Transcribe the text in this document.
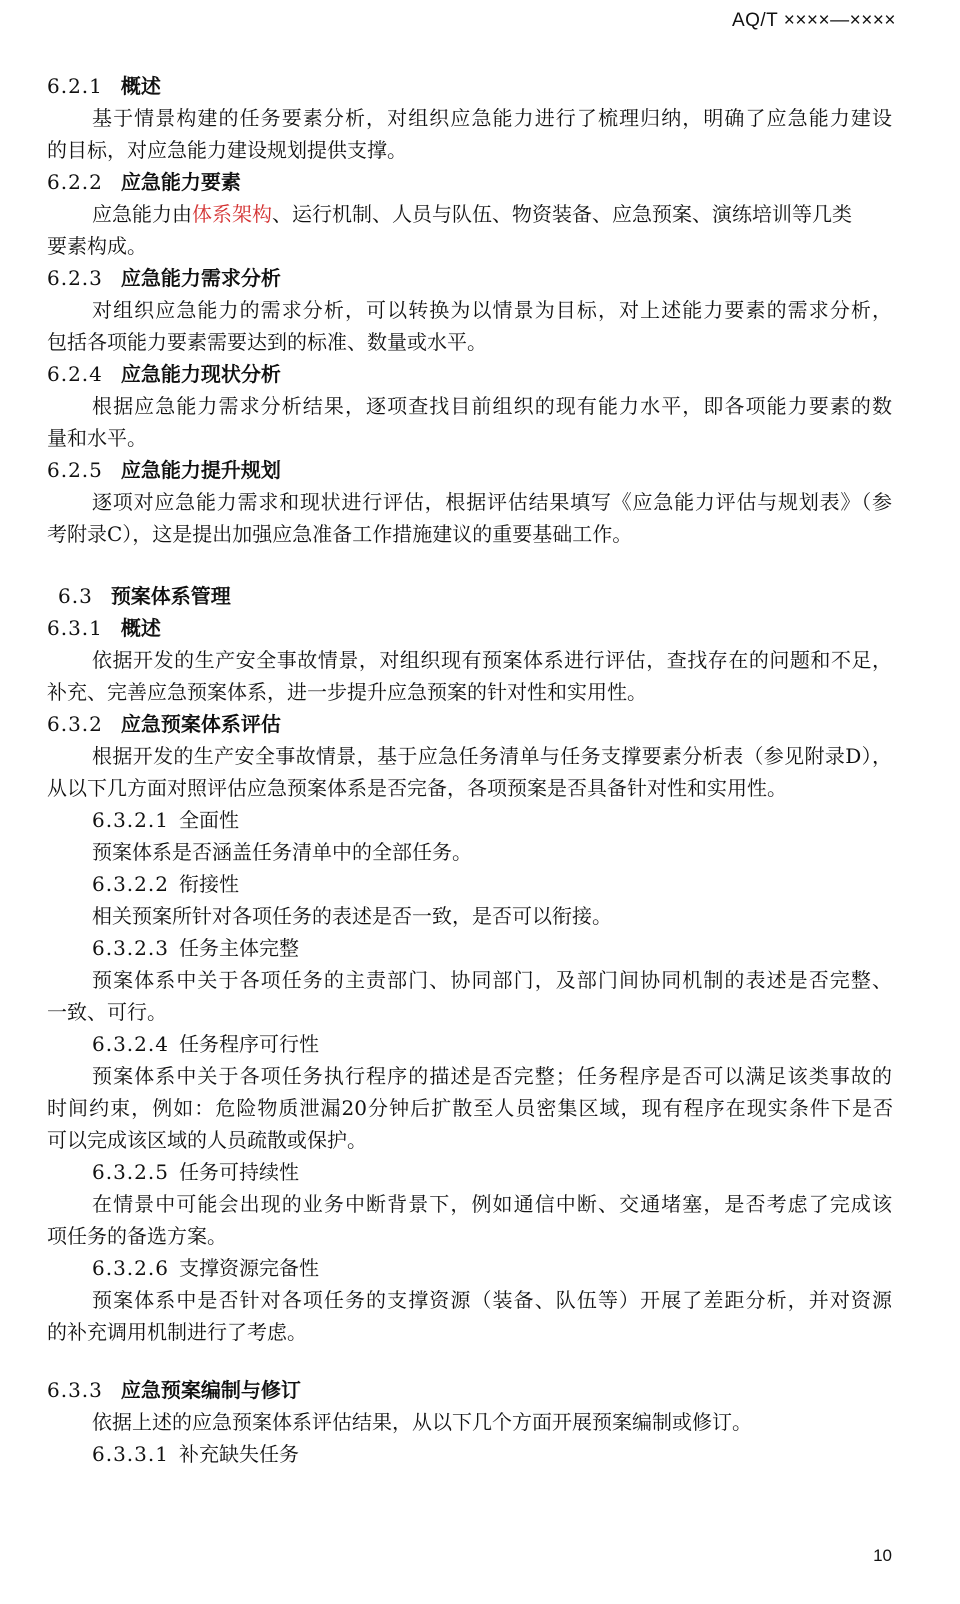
AQ/T ××××—××××
6.2.1 概述
基于情景构建的任务要素分析，对组织应急能力进行了梳理归纳，明确了应急能力建设
的目标，对应急能力建设规划提供支撑。
6.2.2 应急能力要素
应急能力由体系架构、运行机制、人员与队伍、物资装备、应急预案、演练培训等几类
要素构成。
6.2.3 应急能力需求分析
对组织应急能力的需求分析，可以转换为以情景为目标，对上述能力要素的需求分析，
包括各项能力要素需要达到的标准、数量或水平。
6.2.4 应急能力现状分析
根据应急能力需求分析结果，逐项查找目前组织的现有能力水平，即各项能力要素的数
量和水平。
6.2.5 应急能力提升规划
逐项对应急能力需求和现状进行评估，根据评估结果填写《应急能力评估与规划表》（参
考附录C），这是提出加强应急准备工作措施建议的重要基础工作。
6.3 预案体系管理
6.3.1 概述
依据开发的生产安全事故情景，对组织现有预案体系进行评估，查找存在的问题和不足，
补充、完善应急预案体系，进一步提升应急预案的针对性和实用性。
6.3.2 应急预案体系评估
根据开发的生产安全事故情景，基于应急任务清单与任务支撑要素分析表（参见附录D），
从以下几方面对照评估应急预案体系是否完备，各项预案是否具备针对性和实用性。
6.3.2.1 全面性
预案体系是否涵盖任务清单中的全部任务。
6.3.2.2 衔接性
相关预案所针对各项任务的表述是否一致，是否可以衔接。
6.3.2.3 任务主体完整
预案体系中关于各项任务的主责部门、协同部门，及部门间协同机制的表述是否完整、
一致、可行。
6.3.2.4 任务程序可行性
预案体系中关于各项任务执行程序的描述是否完整；任务程序是否可以满足该类事故的
时间约束，例如：危险物质泄漏20分钟后扩散至人员密集区域，现有程序在现实条件下是否
可以完成该区域的人员疏散或保护。
6.3.2.5 任务可持续性
在情景中可能会出现的业务中断背景下，例如通信中断、交通堵塞，是否考虑了完成该
项任务的备选方案。
6.3.2.6 支撑资源完备性
预案体系中是否针对各项任务的支撑资源（装备、队伍等）开展了差距分析，并对资源
的补充调用机制进行了考虑。
6.3.3 应急预案编制与修订
依据上述的应急预案体系评估结果，从以下几个方面开展预案编制或修订。
6.3.3.1 补充缺失任务
10
